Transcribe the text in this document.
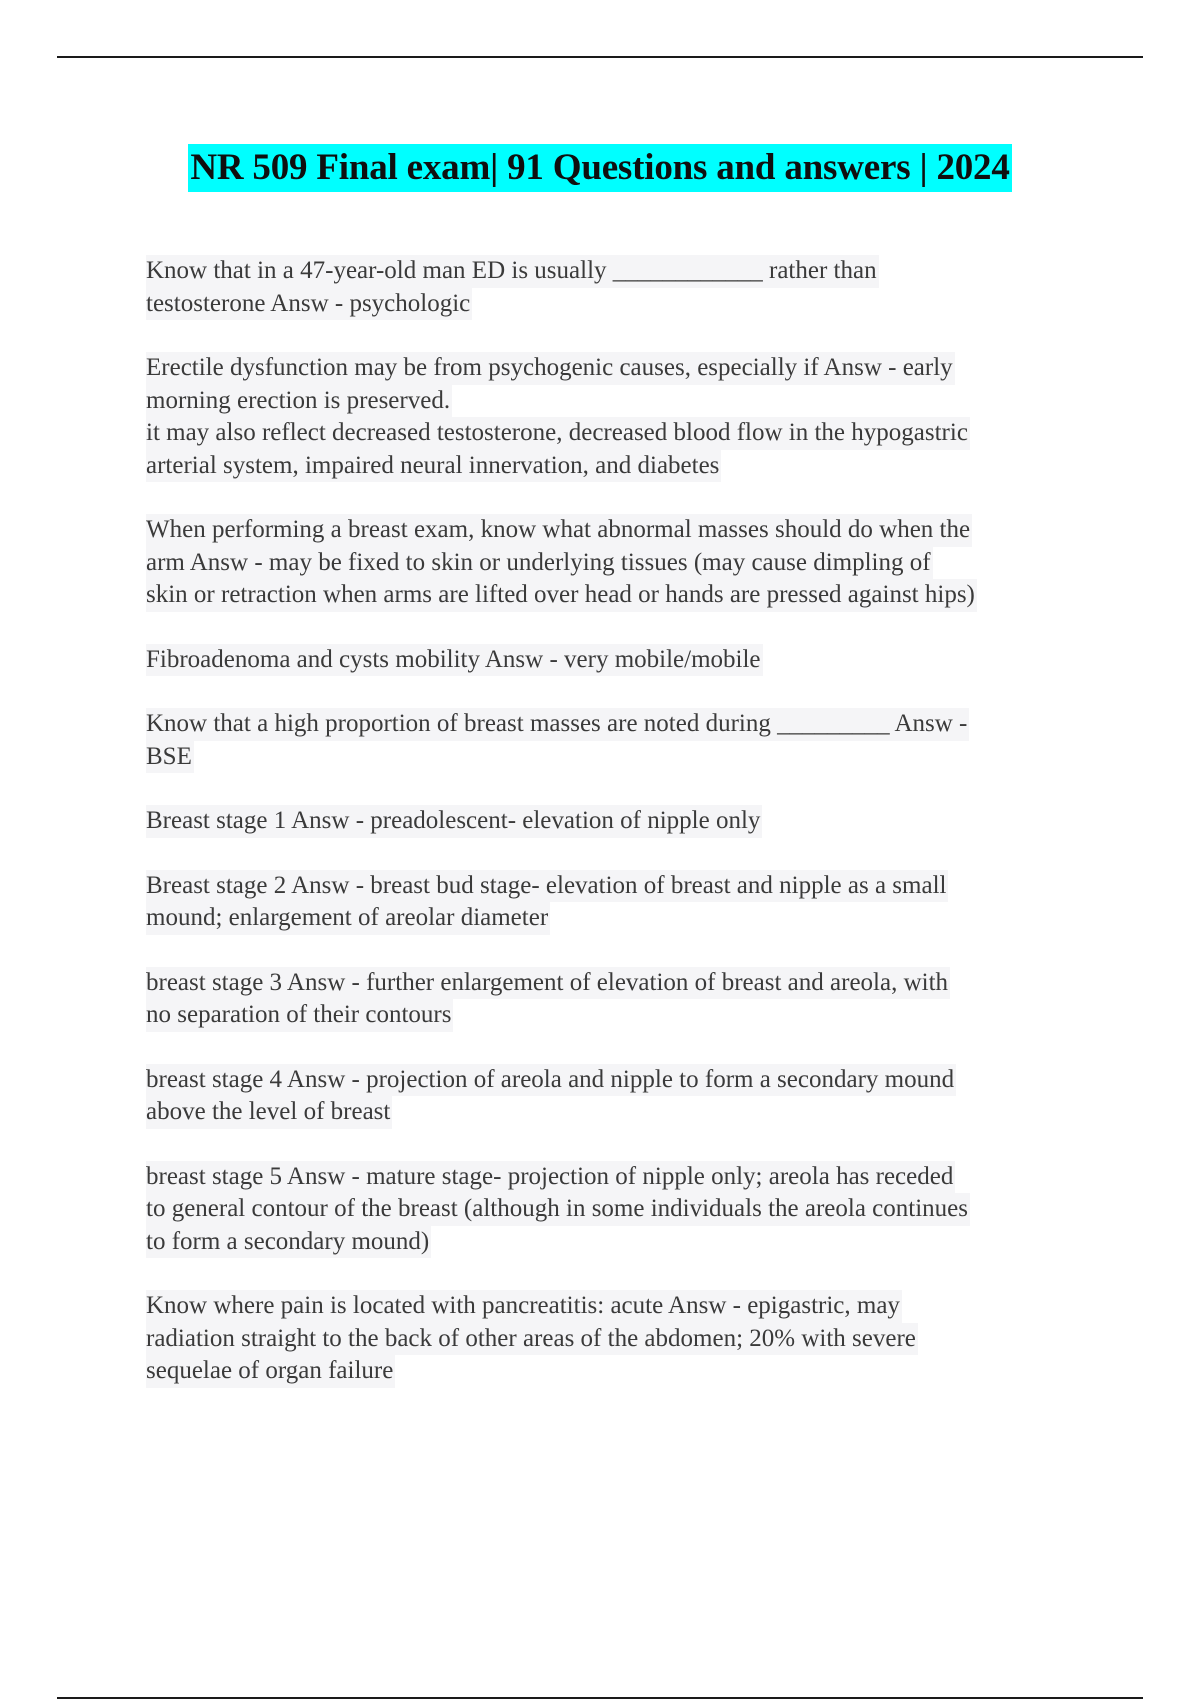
NR 509 Final exam| 91 Questions and answers | 2024
Know that in a 47-year-old man ED is usually ____________ rather than
testosterone Answ - psychologic
Erectile dysfunction may be from psychogenic causes, especially if Answ - early
morning erection is preserved.
it may also reflect decreased testosterone, decreased blood flow in the hypogastric
arterial system, impaired neural innervation, and diabetes
When performing a breast exam, know what abnormal masses should do when the
arm Answ - may be fixed to skin or underlying tissues (may cause dimpling of
skin or retraction when arms are lifted over head or hands are pressed against hips)
Fibroadenoma and cysts mobility Answ - very mobile/mobile
Know that a high proportion of breast masses are noted during _________ Answ -
BSE
Breast stage 1 Answ - preadolescent- elevation of nipple only
Breast stage 2 Answ - breast bud stage- elevation of breast and nipple as a small
mound; enlargement of areolar diameter
breast stage 3 Answ - further enlargement of elevation of breast and areola, with
no separation of their contours
breast stage 4 Answ - projection of areola and nipple to form a secondary mound
above the level of breast
breast stage 5 Answ - mature stage- projection of nipple only; areola has receded
to general contour of the breast (although in some individuals the areola continues
to form a secondary mound)
Know where pain is located with pancreatitis: acute Answ - epigastric, may
radiation straight to the back of other areas of the abdomen; 20% with severe
sequelae of organ failure
